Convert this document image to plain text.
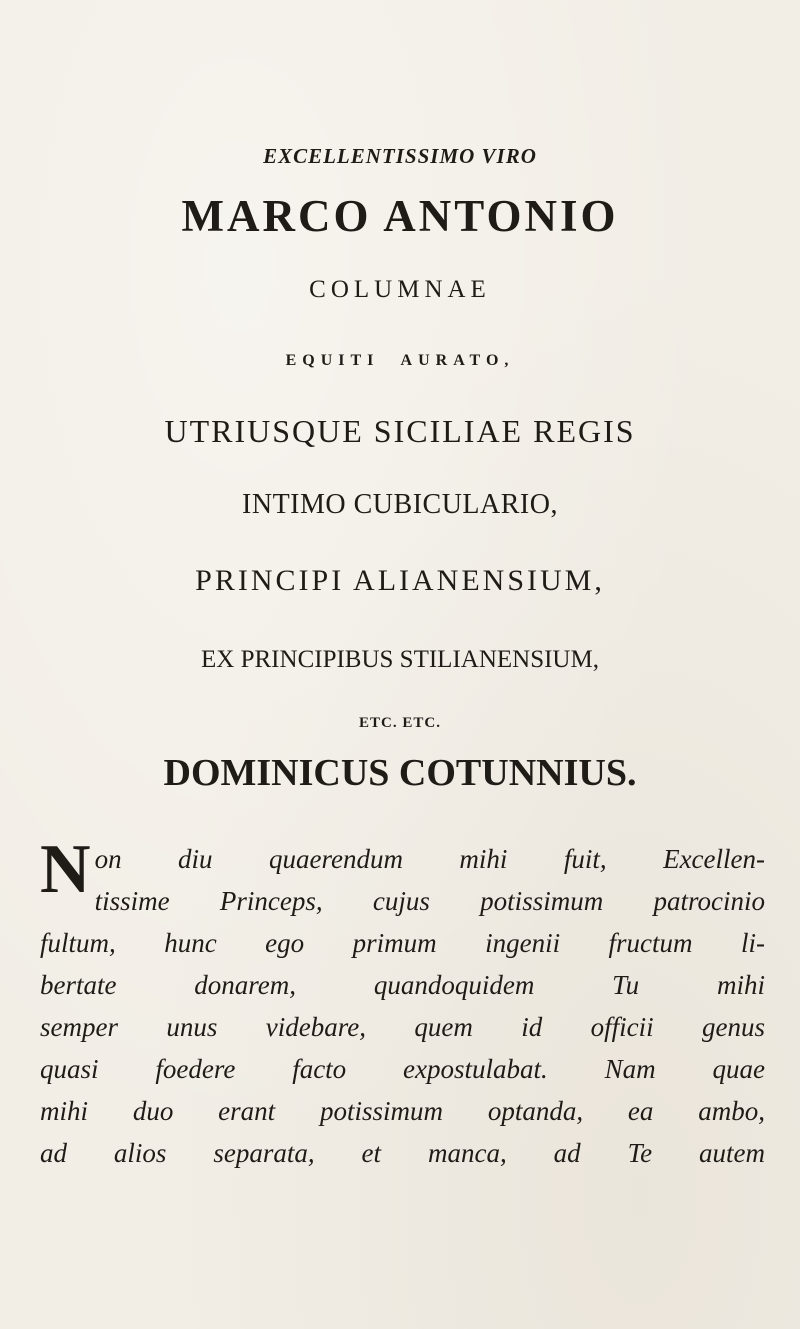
EXCELLENTISSIMO VIRO
MARCO ANTONIO
COLUMNAE
EQUITI AURATO,
UTRIUSQUE SICILIAE REGIS
INTIMO CUBICULARIO,
PRINCIPI ALIANENSIUM,
EX PRINCIPIBUS STILIANENSIUM,
ETC. ETC.
DOMINICUS COTUNNIUS.
N on diu quaerendum mihi fuit, Excellen-
tissime Princeps, cujus potissimum patrocinio
fultum, hunc ego primum ingenii fructum li-
bertate donarem, quandoquidem Tu mihi
semper unus videbare, quem id officii genus
quasi foedere facto expostulabat. Nam quae
mihi duo erant potissimum optanda, ea ambo,
ad alios separata, et manca, ad Te autem
